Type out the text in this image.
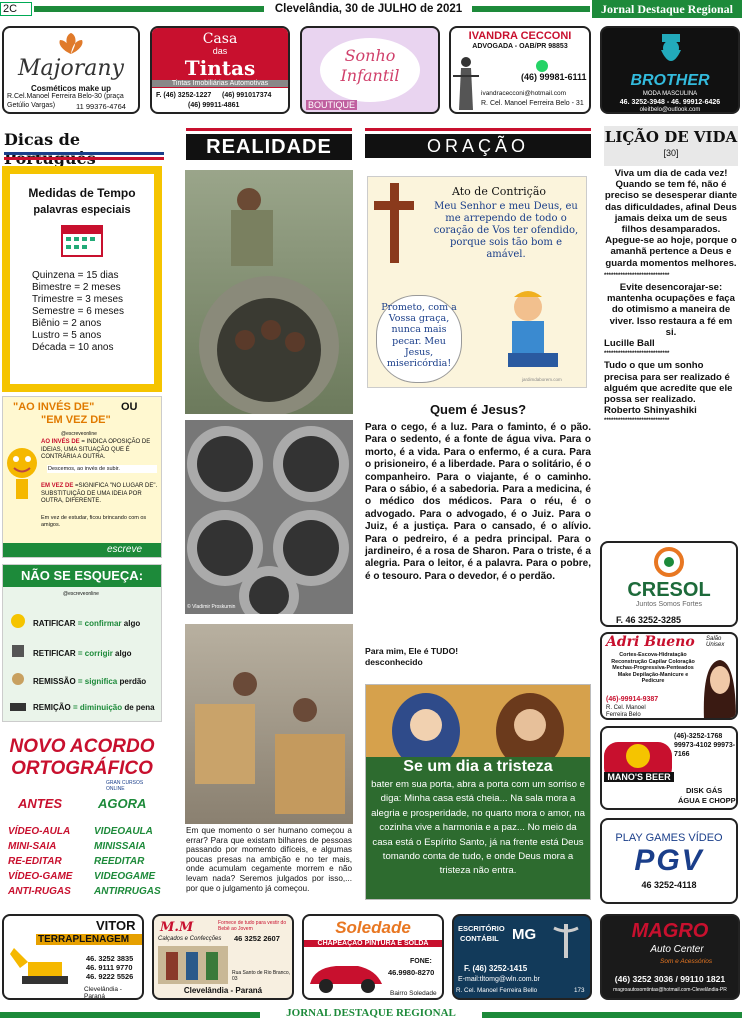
2C	Clevelândia, 30 de JULHO de 2021	Jornal Destaque Regional
Majorany
Cosméticos make up
R.Cel.Manoel Ferreira Belo-30 (praça Getúlio Vargas)	11 99376-4764
Casa
das
Tintas
Tintas Imobiliárias Automotivas
F. (46) 3252-1227 (46) 991017374
(46) 99911-4861
Sonho
Infantil
BOUTIQUE
IVANDRA CECCONI
ADVOGADA - OAB/PR 98853
(46) 99981-6111
ivandracecconi@hotmail.com
R. Cel. Manoel Ferreira Belo - 31
BROTHER
MODA MASCULINA
46. 3252-3948 - 46. 99912-6426
oleitbelo@outlook.com
Dicas de
Medidas de Tempo
palavras especiais
Quinzena = 15 dias
Bimestre = 2 meses
Trimestre = 3 meses
Semestre = 6 meses
Biênio = 2 anos
Lustro = 5 anos
Década = 10 anos
"AO INVÉS DE" OU
"EM VEZ DE"
@escreveonline
AO INVÉS DE = INDICA OPOSIÇÃO DE IDEIAS, UMA SITUAÇÃO QUE É CONTRÁRIA A OUTRA.
Descemos, ao invés de subir.
EM VEZ DE =SIGNIFICA "NO LUGAR DE". SUBSTITUIÇÃO DE UMA IDEIA POR OUTRA, DIFERENTE.
Em vez de estudar, ficou brincando com os amigos.
escreve
NÃO SE ESQUEÇA:
@escreveonline
RATIFICAR = confirmar algo
RETIFICAR = corrigir algo
REMISSÃO = significa perdão
REMIÇÃO = diminuição de pena
NOVO ACORDO
ORTOGRÁFICO
GRAN CURSOS ONLINE
ANTES	AGORA
VÍDEO-AULA VIDEOAULA
MINI-SAIA	MINISSAIA
RE-EDITAR	REEDITAR
VÍDEO-GAME VIDEOGAME
ANTI-RUGAS ANTIRRUGAS
REALIDADE
© Vladimir Proskurnin
Em que momento o ser humano começou a errar? Para que existam bilhares de pessoas passando por momento difíceis, e algumas poucas presas na ambição e no ter mais, onde acumulam cegamente morrem e não levam nada? Seremos julgados por isso,... por que o julgamento já começou.
ORAÇÃO
Ato de Contrição
Meu Senhor e meu Deus, eu me arrependo de todo o coração de Vos ter ofendido, porque sois tão bom e amável.
Prometo, com a Vossa graça, nunca mais pecar. Meu Jesus, misericórdia!
jardimdaborem.com
Quem é Jesus?
Para o cego, é a luz. Para o faminto, é o pão. Para o sedento, é a fonte de água viva. Para o morto, é a vida. Para o enfermo, é a cura. Para o prisioneiro, é a liberdade. Para o solitário, é o companheiro. Para o viajante, é o caminho. Para o sábio, é a sabedoria. Para a medicina, é o médico dos médicos. Para o réu, é o advogado. Para o advogado, é o Juiz. Para o Juiz, é a justiça. Para o cansado, é o alívio. Para o pedreiro, é a pedra principal. Para o jardineiro, é a rosa de Sharon. Para o triste, é a alegria. Para o leitor, é a palavra. Para o pobre, é o tesouro. Para o devedor, é o perdão.
Para mim, Ele é TUDO!
desconhecido
Se um dia a tristeza
bater em sua porta, abra a porta com um sorriso e diga: Minha casa está cheia... Na sala mora a alegria e prosperidade, no quarto mora o amor, na cozinha vive a harmonia e a paz... No meio da casa está o Espírito Santo, já na frente está Deus tomando conta de tudo, e onde Deus mora a tristeza não entra.
LIÇÃO DE VIDA
[30]
Viva um dia de cada vez! Quando se tem fé, não é preciso se desesperar diante das dificuldades, afinal Deus jamais deixa um de seus filhos desamparados. Apegue-se ao hoje, porque o amanhã pertence a Deus e guarda momentos melhores.
****************************
Evite desencorajar-se: mantenha ocupações e faça do otimismo a maneira de viver. Isso restaura a fé em si.
Lucille Ball
****************************
Tudo o que um sonho precisa para ser realizado é alguém que acredite que ele possa ser realizado.
Roberto Shinyashiki
****************************
CRESOL
Juntos Somos Fortes
F. 46 3252-3285
Adri Bueno Salão Unisex
Cortes-Escova-Hidratação Reconstrução Capilar Coloração Mechas-Progressiva-Penteados Make Depilação-Manicure e Pedicure
(46)-99914-9387
R. Cel. Manoel Ferreira Belo
(46)-3252-1768 99973-4102 99973-7166
MANO'S BEER
DISK GÁS
ÁGUA E CHOPP
PLAY GAMES VÍDEO
PGV
46 3252-4118
VITOR
TERRAPLENAGEM
46. 3252 3835 46. 9111 9770 46. 9222 5526
Clevelândia - Paraná
M.M
Calçados e Confecções
Fornece de tudo para vestir do Bebê ao Jovem
46 3252 2607
Rua Santo de Rio Branco, 03
Clevelândia - Paraná
Soledade
CHAPEAÇÃO PINTURA E SOLDA
FONE:
46.9980-8270
Bairro Soledade
ESCRITÓRIO
CONTÁBIL MG
F. (46) 3252-1415
E-mail:tltomg@wln.com.br
R. Cel. Manoel Ferreira Bello	173
MAGRO
Auto Center
Som e Acessórios
(46) 3252 3036 / 99110 1821
magroautosomtintas@hotmail.com-Clevelândia-PR
JORNAL DESTAQUE REGIONAL
